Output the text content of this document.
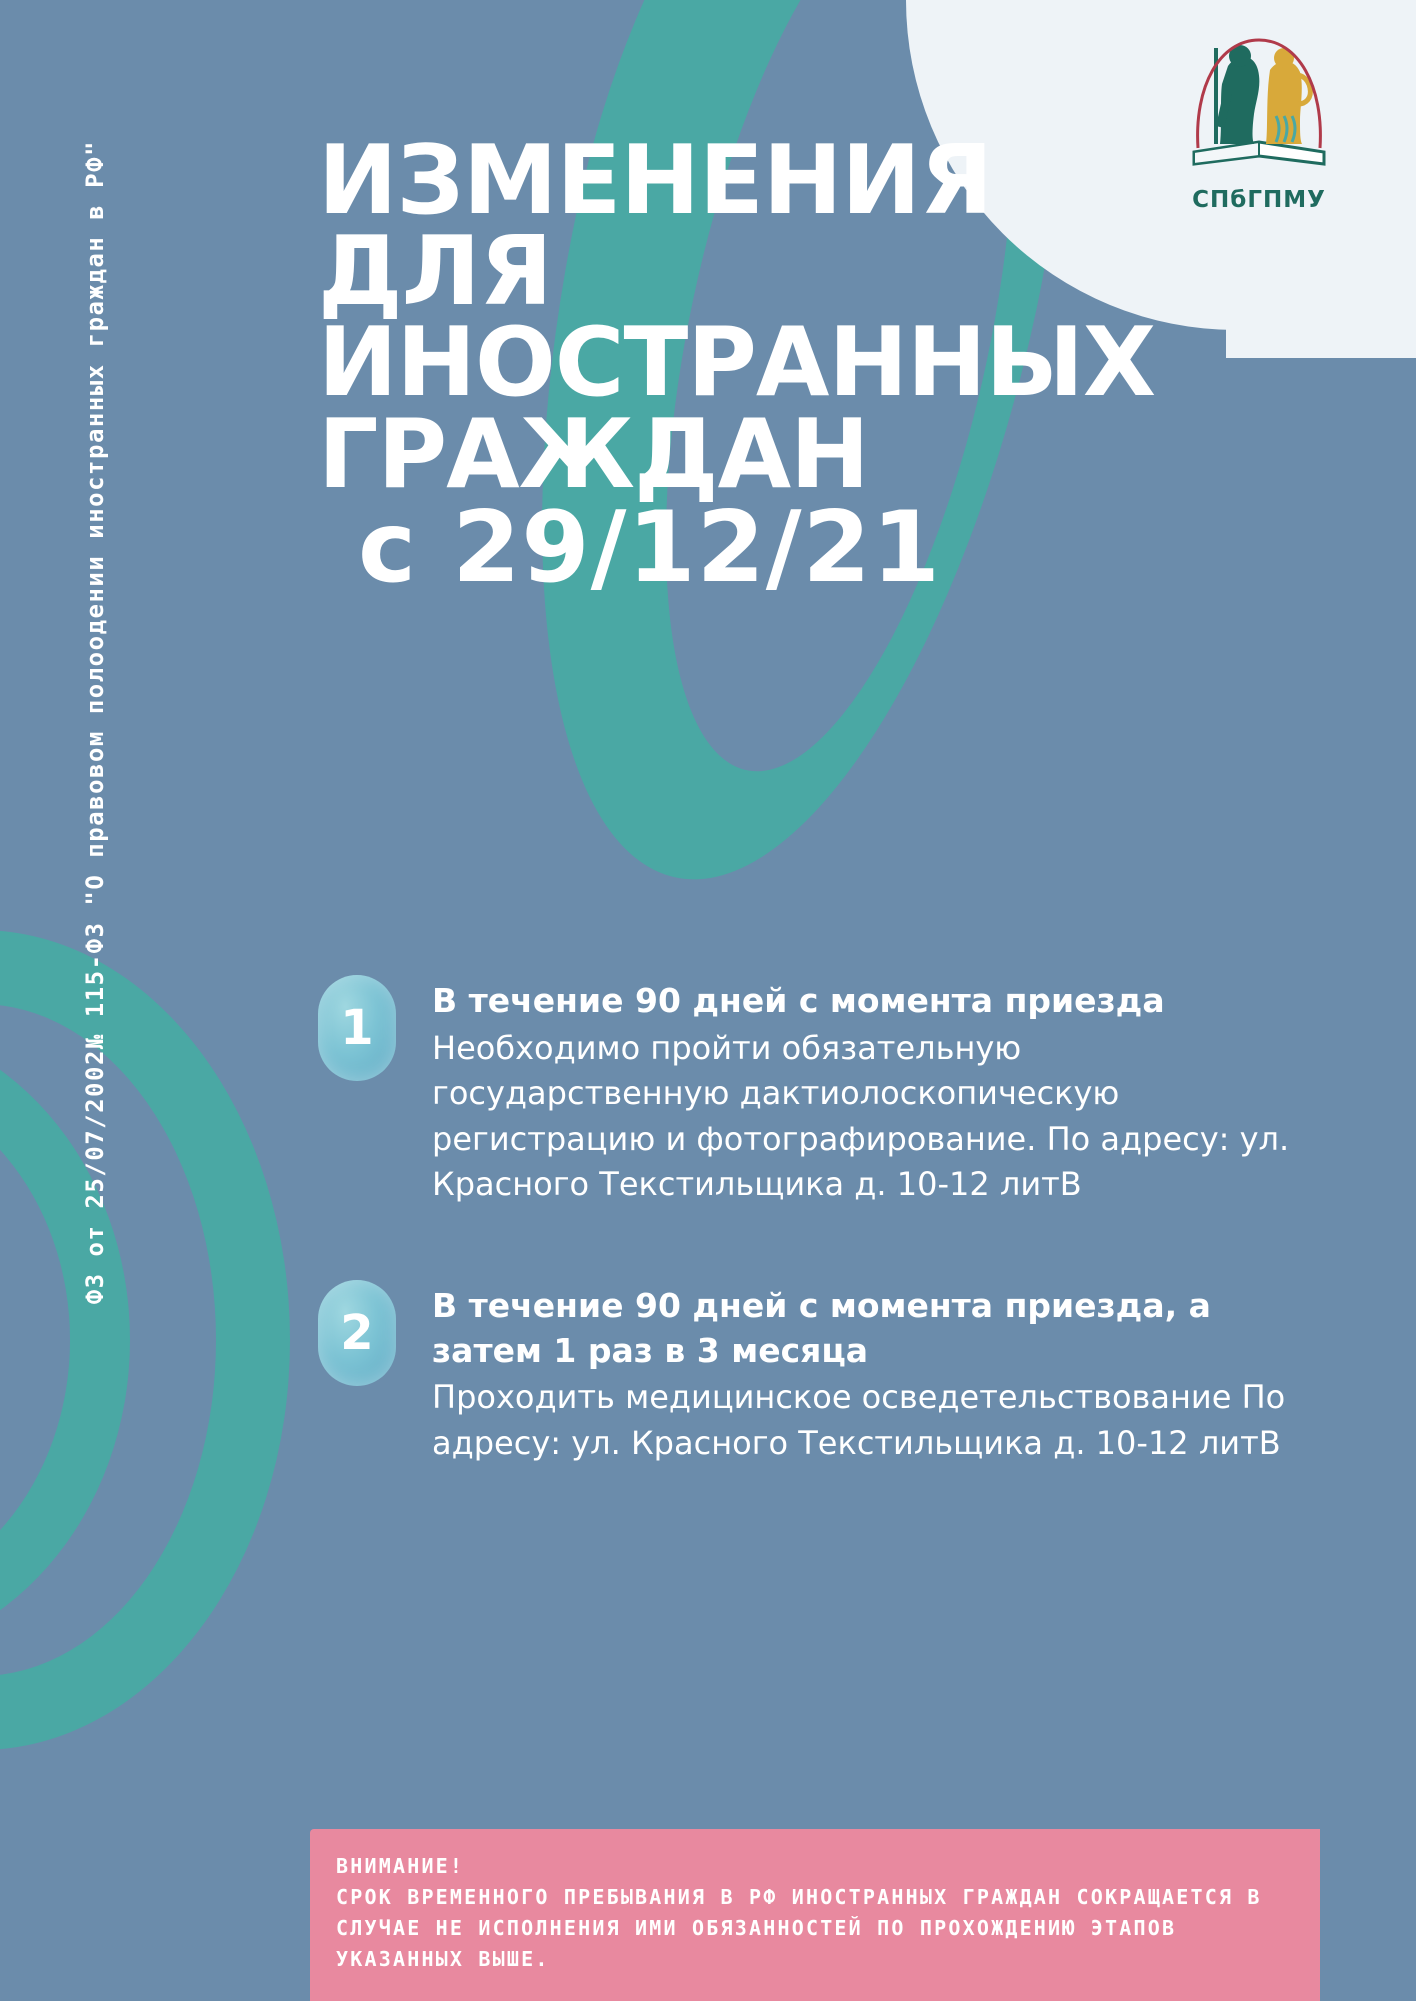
СПбГПМУ
ФЗ от 25/07/2002№ 115-ФЗ "О правовом полоодении иностранных граждан в РФ" ИЗМЕНЕНИЯ
ДЛЯ
ИНОСТРАННЫХ
ГРАЖДАН
с 29/12/21
1	В течение 90 дней с момента приезда
Необходимо пройти обязательную государственную дактиолоскопическую регистрацию и фотографирование. По адресу: ул. Красного Текстильщика д. 10-12 литВ
2	В течение 90 дней с момента приезда, а затем 1 раз в 3 месяца
Проходить медицинское осведетельствование По адресу: ул. Красного Текстильщика д. 10-12 литВ
ВНИМАНИЕ!
СРОК ВРЕМЕННОГО ПРЕБЫВАНИЯ В РФ ИНОСТРАННЫХ ГРАЖДАН СОКРАЩАЕТСЯ В СЛУЧАЕ НЕ ИСПОЛНЕНИЯ ИМИ ОБЯЗАННОСТЕЙ ПО ПРОХОЖДЕНИЮ ЭТАПОВ УКАЗАННЫХ ВЫШЕ.
